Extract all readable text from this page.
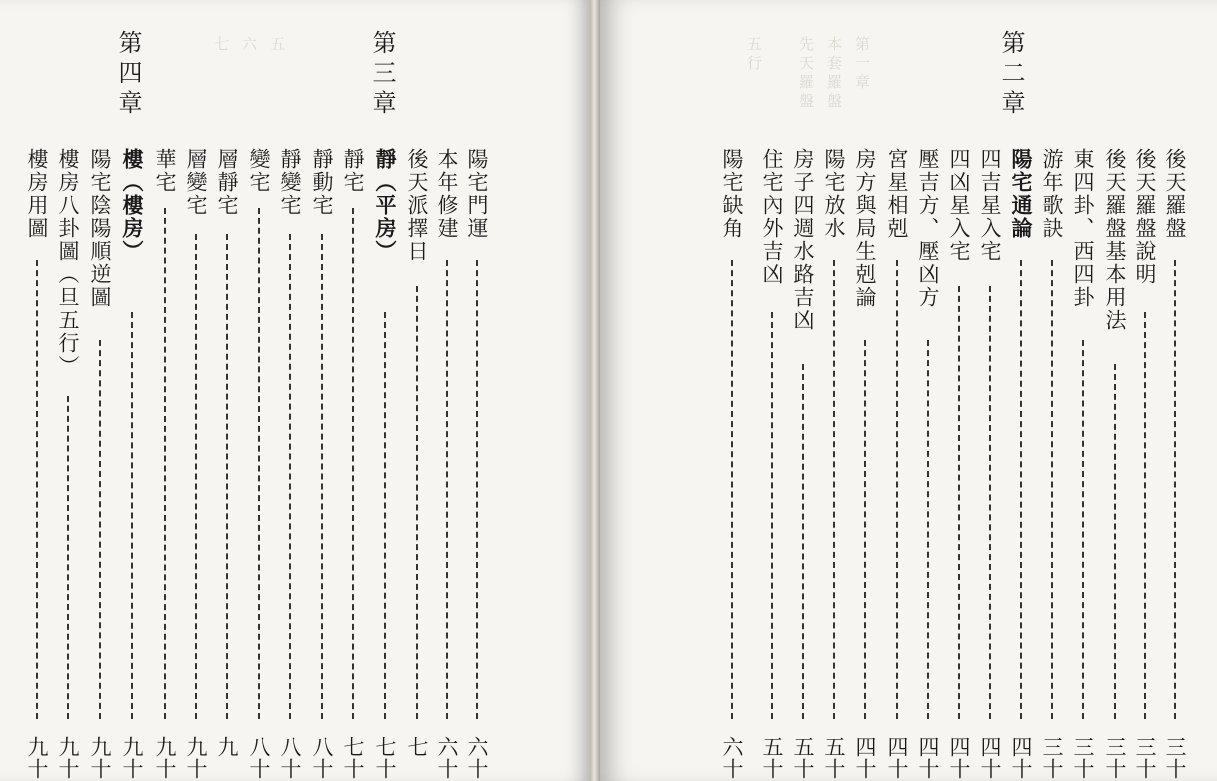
五
六
七	第三章
第四章
陽宅門運
六十
本年修建
六十
後天派擇日
七
靜（平房）
七十
靜宅
七十
靜動宅
八十
靜變宅
八十
變宅
八十
層靜宅
九
層變宅
九十
華宅
九十
樓（樓房）
九十
陽宅陰陽順逆圖
九十
樓房八卦圖（旦五行）
九十
樓房用圖
九十
第一章
本套羅盤
先天羅盤
五行	第二章
後天羅盤
三十
後天羅盤說明
三十
後天羅盤基本用法
三十
東四卦、西四卦
三十
游年歌訣
三十
陽宅通論
四十
四吉星入宅
四十
四凶星入宅
四十
壓吉方、壓凶方
四十
宮星相剋
四十
房方與局生剋論
四十
陽宅放水
五十
房子四週水路吉凶
五十
住宅內外吉凶
五十
陽宅缺角
六十
